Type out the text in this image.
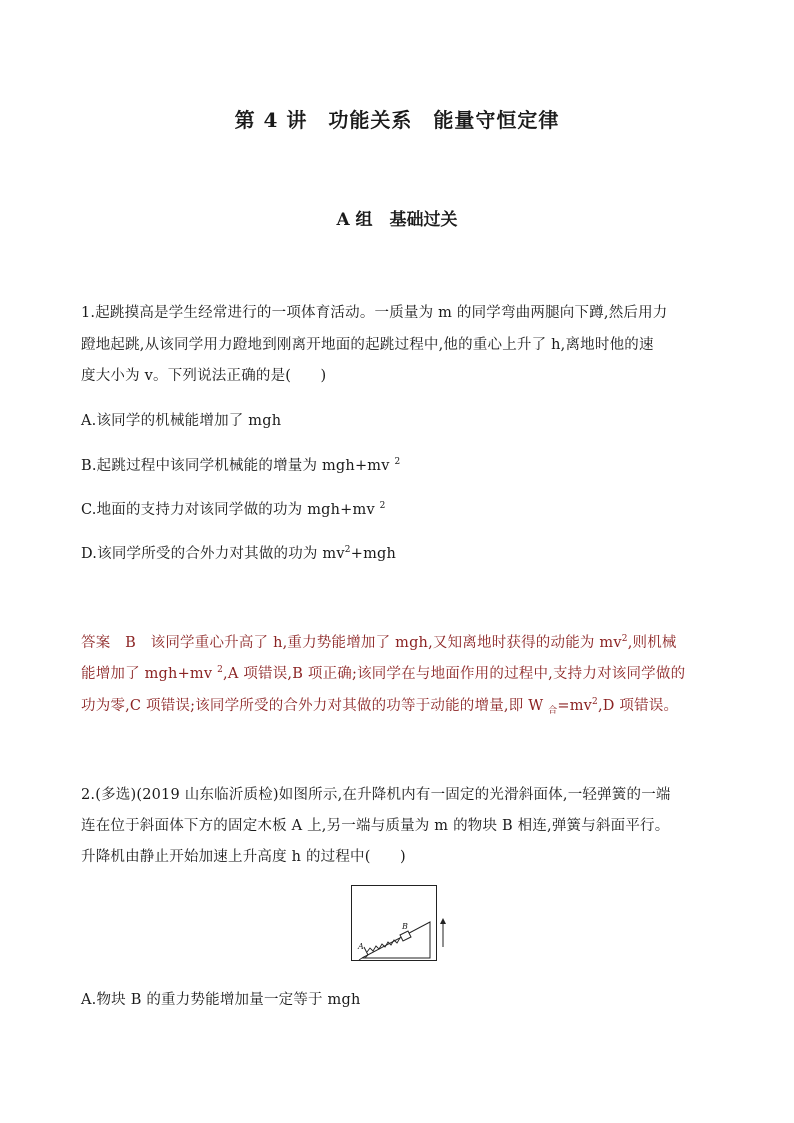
第 4 讲　功能关系　能量守恒定律
A 组　基础过关
1.起跳摸高是学生经常进行的一项体育活动。一质量为 m 的同学弯曲两腿向下蹲,然后用力
蹬地起跳,从该同学用力蹬地到刚离开地面的起跳过程中,他的重心上升了 h,离地时他的速
度大小为 v。下列说法正确的是(　　)
A.该同学的机械能增加了 mgh
B.起跳过程中该同学机械能的增量为 mgh+mv $^2$
C.地面的支持力对该同学做的功为 mgh+mv $^2$
D.该同学所受的合外力对其做的功为 $mv^2+mgh$
答案　B　该同学重心升高了 h,重力势能增加了 mgh,又知离地时获得的动能为 $mv^2$,则机械
能增加了 mgh+mv $^2$,A 项错误,B 项正确;该同学在与地面作用的过程中,支持力对该同学做的
功为零,C 项错误;该同学所受的合外力对其做的功等于动能的增量,即 W $_合=mv^2,D$ 项错误。
2.(多选)(2019 山东临沂质检)如图所示,在升降机内有一固定的光滑斜面体,一轻弹簧的一端
连在位于斜面体下方的固定木板 A 上,另一端与质量为 m 的物块 B 相连,弹簧与斜面平行。
升降机由静止开始加速上升高度 h 的过程中(　　)
A
B
A.物块 B 的重力势能增加量一定等于 mgh
